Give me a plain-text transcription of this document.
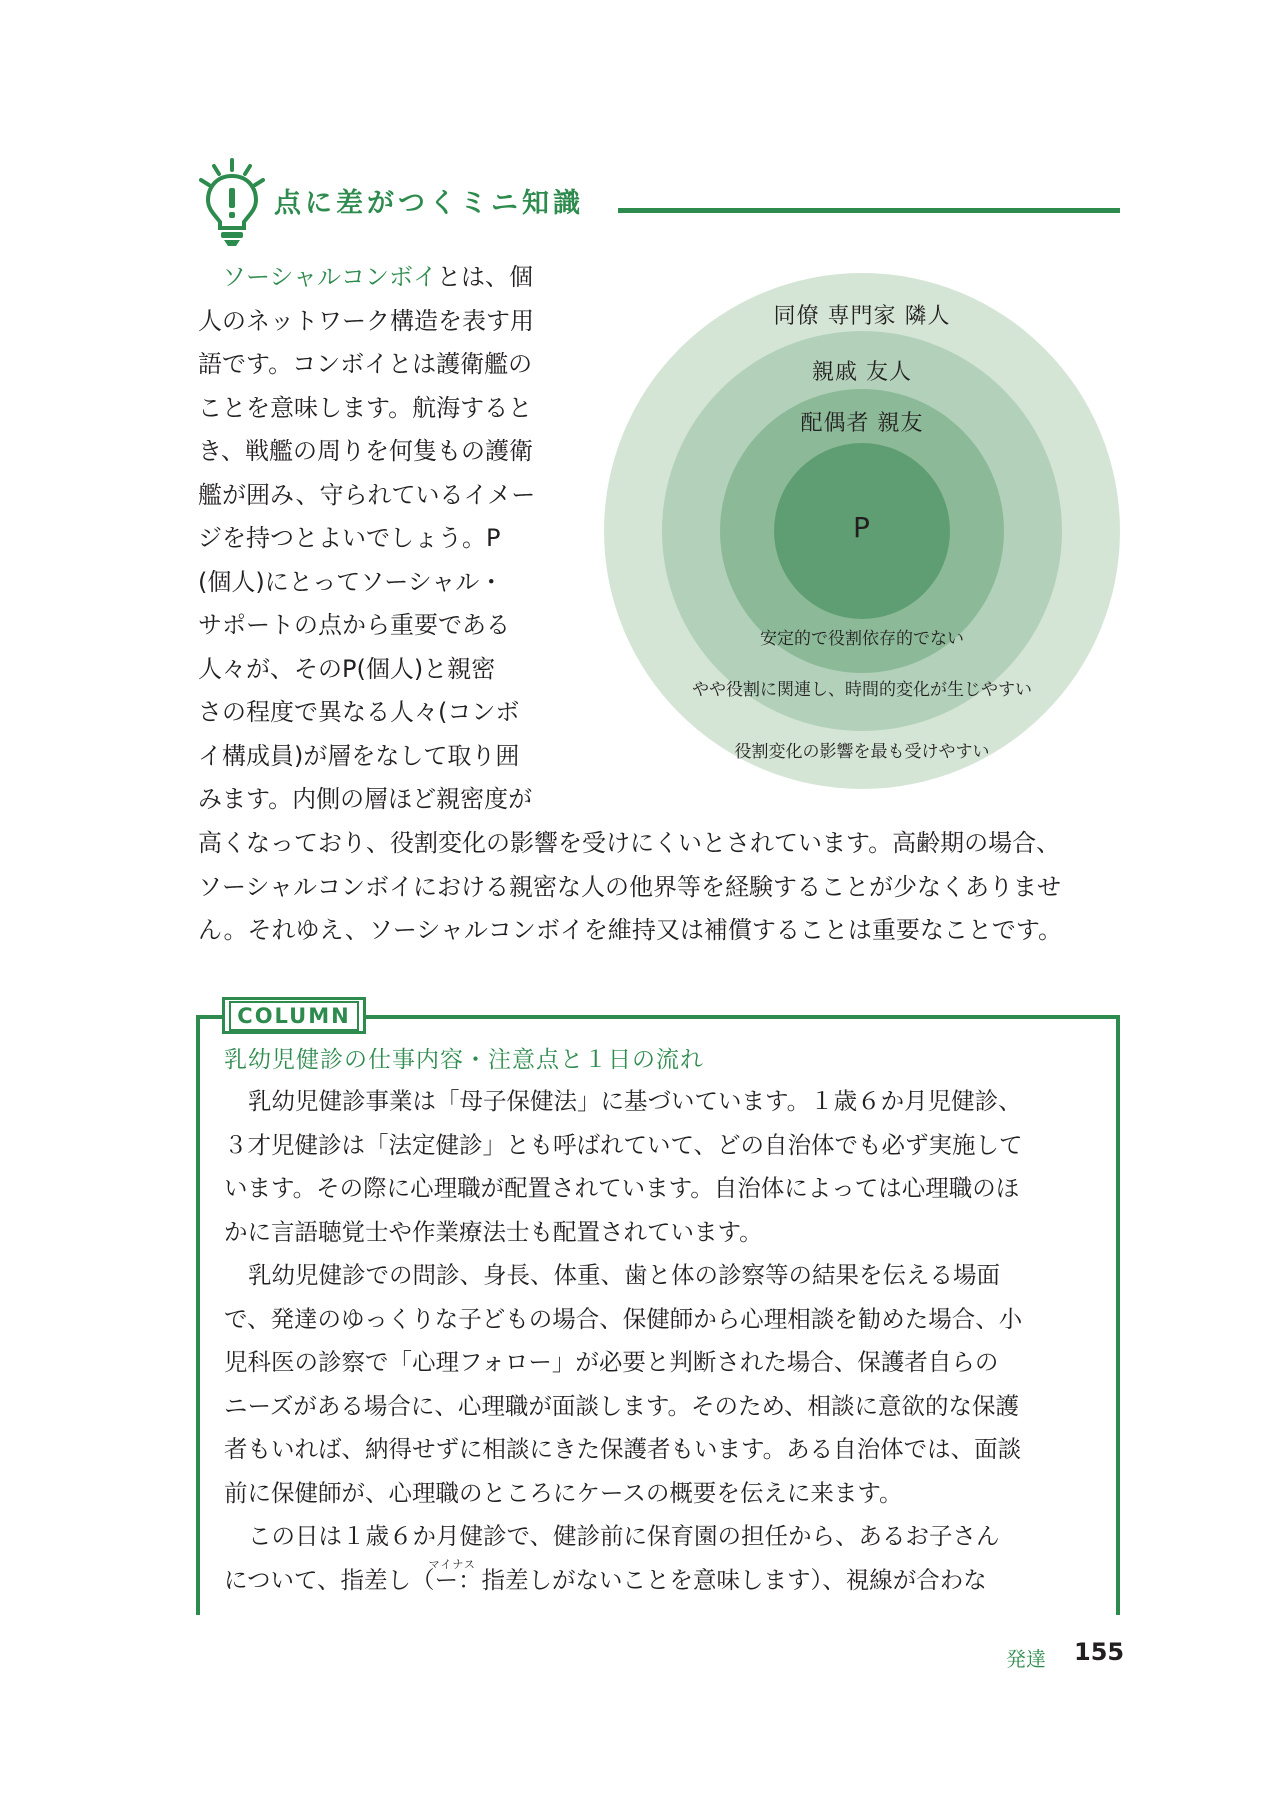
点に差がつくミニ知識
ソーシャルコンボイとは、個
人のネットワーク構造を表す用
語です。コンボイとは護衛艦の
ことを意味します。航海すると
き、戦艦の周りを何隻もの護衛
艦が囲み、守られているイメー
ジを持つとよいでしょう。P
(個人)にとってソーシャル・
サポートの点から重要である
人々が、そのP(個人)と親密
さの程度で異なる人々(コンボ
イ構成員)が層をなして取り囲
みます。内側の層ほど親密度が
高くなっており、役割変化の影響を受けにくいとされています。高齢期の場合、
ソーシャルコンボイにおける親密な人の他界等を経験することが少なくありませ
ん。それゆえ、ソーシャルコンボイを維持又は補償することは重要なことです。
同僚 専門家 隣人
親戚 友人
配偶者 親友
P
安定的で役割依存的でない
やや役割に関連し、時間的変化が生じやすい
役割変化の影響を最も受けやすい
COLUMN
乳幼児健診の仕事内容・注意点と１日の流れ
乳幼児健診事業は「母子保健法」に基づいています。１歳６か月児健診、
３才児健診は「法定健診」とも呼ばれていて、どの自治体でも必ず実施して
います。その際に心理職が配置されています。自治体によっては心理職のほ
かに言語聴覚士や作業療法士も配置されています。
乳幼児健診での問診、身長、体重、歯と体の診察等の結果を伝える場面
で、発達のゆっくりな子どもの場合、保健師から心理相談を勧めた場合、小
児科医の診察で「心理フォロー」が必要と判断された場合、保護者自らの
ニーズがある場合に、心理職が面談します。そのため、相談に意欲的な保護
者もいれば、納得せずに相談にきた保護者もいます。ある自治体では、面談
前に保健師が、心理職のところにケースの概要を伝えに来ます。
この日は１歳６か月健診で、健診前に保育園の担任から、あるお子さん
について、指差し（
マイナス
ー：指差しがないことを意味します）、視線が合わな
発達 155
